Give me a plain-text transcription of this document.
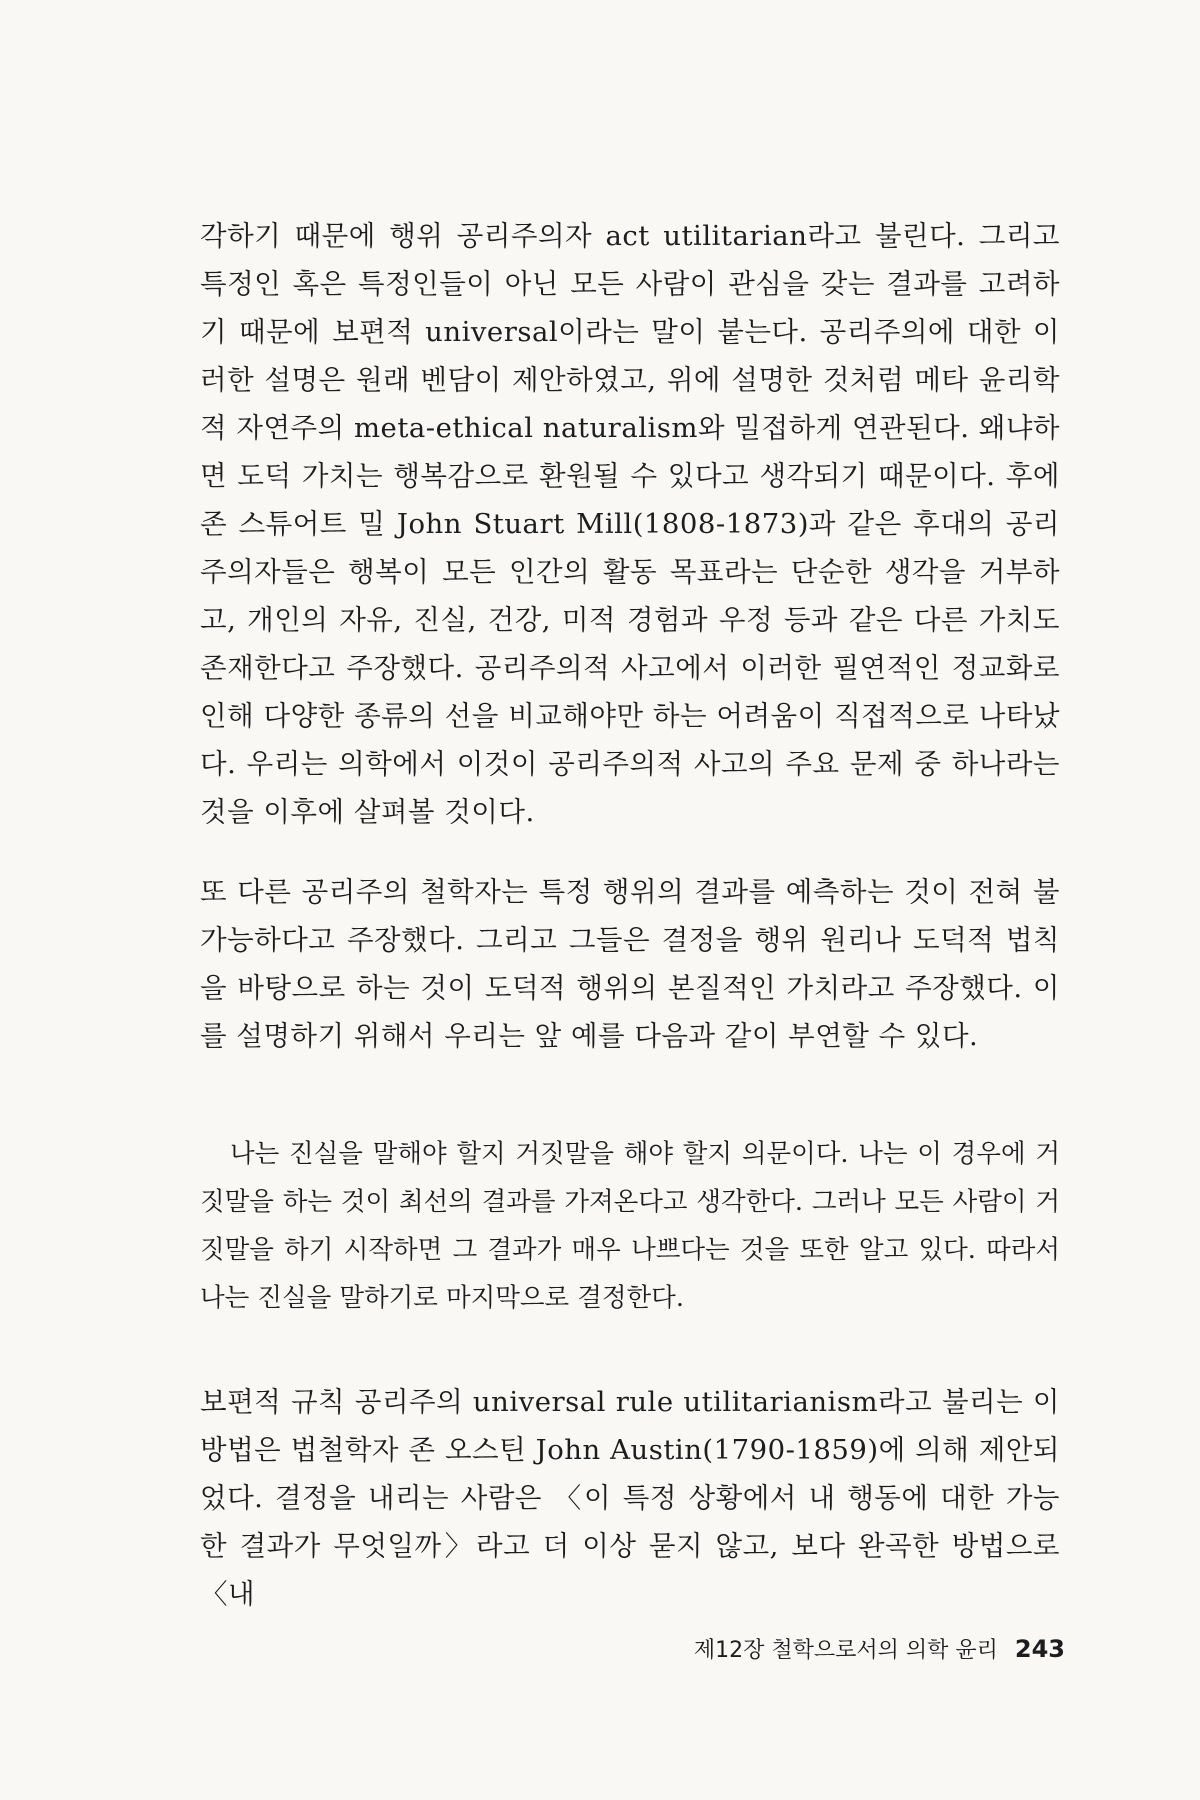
각하기 때문에 행위 공리주의자 act utilitarian라고 불린다. 그리고 특정인 혹은 특정인들이 아닌 모든 사람이 관심을 갖는 결과를 고려하기 때문에 보편적 universal이라는 말이 붙는다. 공리주의에 대한 이러한 설명은 원래 벤담이 제안하였고, 위에 설명한 것처럼 메타 윤리학적 자연주의 meta-ethical naturalism와 밀접하게 연관된다. 왜냐하면 도덕 가치는 행복감으로 환원될 수 있다고 생각되기 때문이다. 후에 존 스튜어트 밀 John Stuart Mill(1808-1873)과 같은 후대의 공리주의자들은 행복이 모든 인간의 활동 목표라는 단순한 생각을 거부하고, 개인의 자유, 진실, 건강, 미적 경험과 우정 등과 같은 다른 가치도 존재한다고 주장했다. 공리주의적 사고에서 이러한 필연적인 정교화로 인해 다양한 종류의 선을 비교해야만 하는 어려움이 직접적으로 나타났다. 우리는 의학에서 이것이 공리주의적 사고의 주요 문제 중 하나라는 것을 이후에 살펴볼 것이다.

또 다른 공리주의 철학자는 특정 행위의 결과를 예측하는 것이 전혀 불가능하다고 주장했다. 그리고 그들은 결정을 행위 원리나 도덕적 법칙을 바탕으로 하는 것이 도덕적 행위의 본질적인 가치라고 주장했다. 이를 설명하기 위해서 우리는 앞 예를 다음과 같이 부연할 수 있다.

나는 진실을 말해야 할지 거짓말을 해야 할지 의문이다. 나는 이 경우에 거짓말을 하는 것이 최선의 결과를 가져온다고 생각한다. 그러나 모든 사람이 거짓말을 하기 시작하면 그 결과가 매우 나쁘다는 것을 또한 알고 있다. 따라서 나는 진실을 말하기로 마지막으로 결정한다.

보편적 규칙 공리주의 universal rule utilitarianism라고 불리는 이 방법은 법철학자 존 오스틴 John Austin(1790-1859)에 의해 제안되었다. 결정을 내리는 사람은 〈이 특정 상황에서 내 행동에 대한 가능한 결과가 무엇일까〉라고 더 이상 묻지 않고, 보다 완곡한 방법으로 〈내

제12장 철학으로서의 의학 윤리 243
